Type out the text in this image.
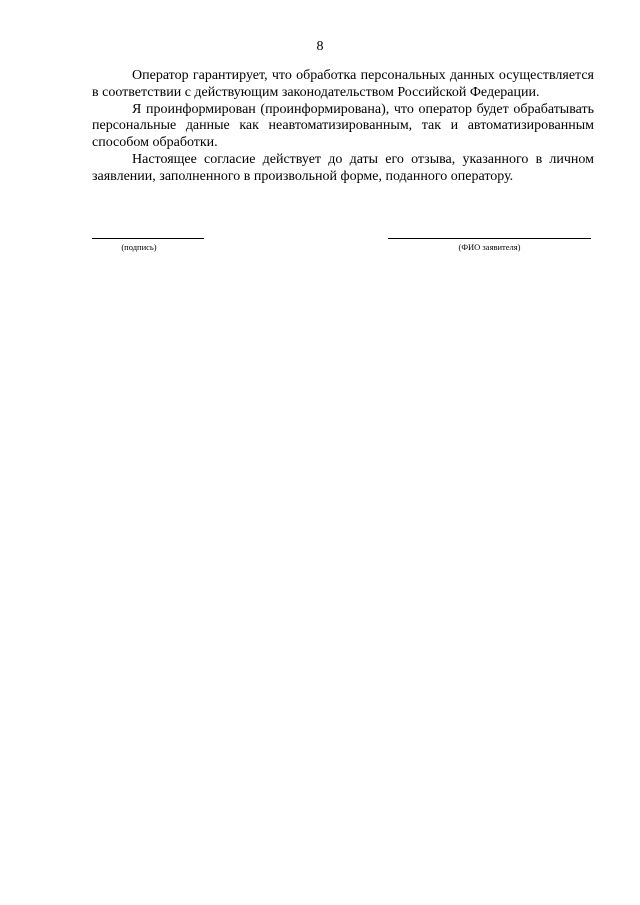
8

Оператор гарантирует, что обработка персональных данных осуществляется в соответствии с действующим законодательством Российской Федерации.

Я проинформирован (проинформирована), что оператор будет обрабатывать персональные данные как неавтоматизированным, так и автоматизированным способом обработки.

Настоящее согласие действует до даты его отзыва, указанного в личном заявлении, заполненного в произвольной форме, поданного оператору.

(подпись)	(ФИО заявителя)
